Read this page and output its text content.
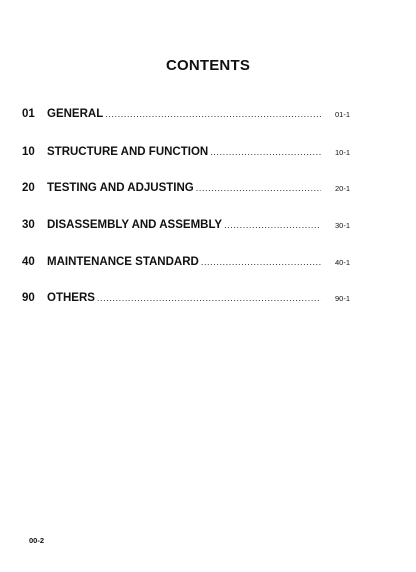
CONTENTS
01	GENERAL .....	01-1
10	STRUCTURE AND FUNCTION .....	10-1
20	TESTING AND ADJUSTING .....	20-1
30	DISASSEMBLY AND ASSEMBLY .....	30-1
40	MAINTENANCE STANDARD .....	40-1
90	OTHERS .....	90-1
00-2
